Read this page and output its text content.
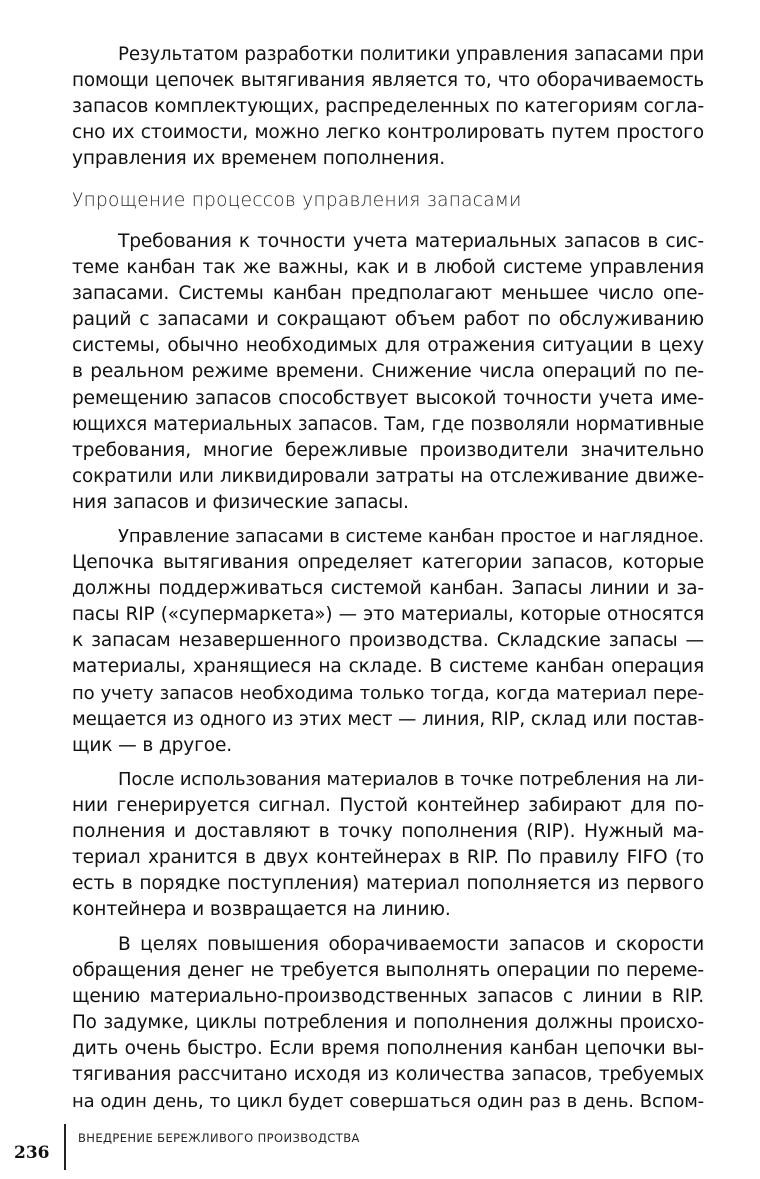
Результатом разработки политики управления запасами при
помощи цепочек вытягивания является то, что оборачиваемость
запасов комплектующих, распределенных по категориям согла-
сно их стоимости, можно легко контролировать путем простого
управления их временем пополнения.
Упрощение процессов управления запасами
Требования к точности учета материальных запасов в сис-
теме канбан так же важны, как и в любой системе управления
запасами. Системы канбан предполагают меньшее число опе-
раций с запасами и сокращают объем работ по обслуживанию
системы, обычно необходимых для отражения ситуации в цеху
в реальном режиме времени. Снижение числа операций по пе-
ремещению запасов способствует высокой точности учета име-
ющихся материальных запасов. Там, где позволяли нормативные
требования, многие бережливые производители значительно
сократили или ликвидировали затраты на отслеживание движе-
ния запасов и физические запасы.
Управление запасами в системе канбан простое и наглядное.
Цепочка вытягивания определяет категории запасов, которые
должны поддерживаться системой канбан. Запасы линии и за-
пасы RIP («супермаркета») — это материалы, которые относятся
к запасам незавершенного производства. Складские запасы —
материалы, хранящиеся на складе. В системе канбан операция
по учету запасов необходима только тогда, когда материал пере-
мещается из одного из этих мест — линия, RIP, склад или постав-
щик — в другое.
После использования материалов в точке потребления на ли-
нии генерируется сигнал. Пустой контейнер забирают для по-
полнения и доставляют в точку пополнения (RIP). Нужный ма-
териал хранится в двух контейнерах в RIP. По правилу FIFO (то
есть в порядке поступления) материал пополняется из первого
контейнера и возвращается на линию.
В целях повышения оборачиваемости запасов и скорости
обращения денег не требуется выполнять операции по переме-
щению материально-производственных запасов с линии в RIP.
По задумке, циклы потребления и пополнения должны происхо-
дить очень быстро. Если время пополнения канбан цепочки вы-
тягивания рассчитано исходя из количества запасов, требуемых
на один день, то цикл будет совершаться один раз в день. Вспом-
236
ВНЕДРЕНИЕ БЕРЕЖЛИВОГО ПРОИЗВОДСТВА
